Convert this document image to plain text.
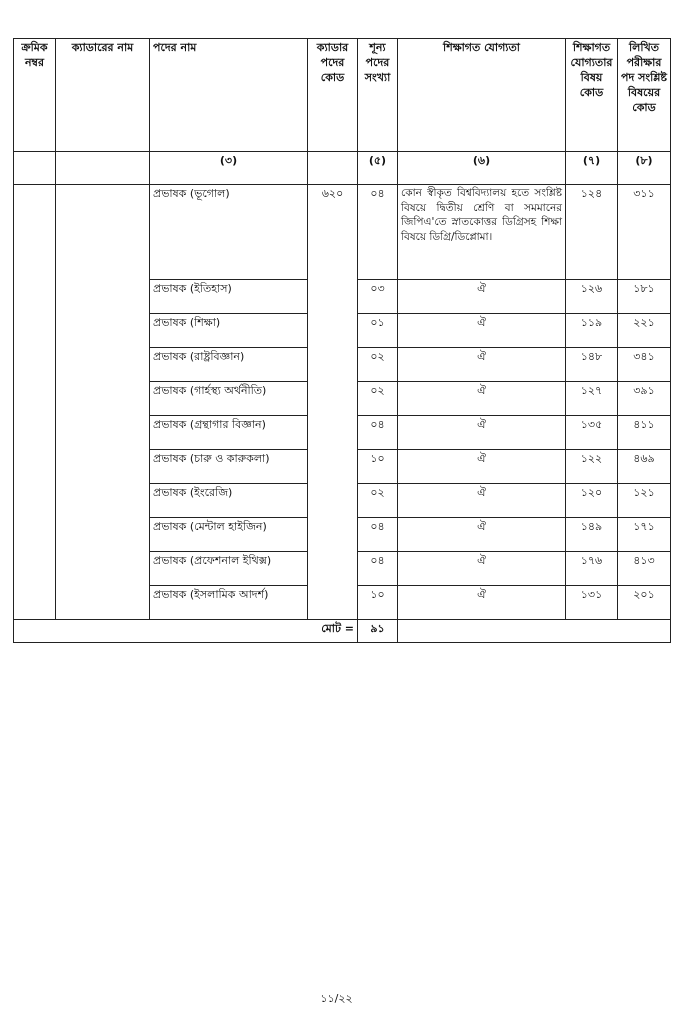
ক্রমিক নম্বর	ক্যাডারের নাম	পদের নাম	ক্যাডার পদের কোড	শূন্য পদের সংখ্যা	শিক্ষাগত যোগ্যতা	শিক্ষাগত যোগ্যতার বিষয় কোড	লিখিত পরীক্ষার পদ সংশ্লিষ্ট বিষয়ের কোড
		(৩)		(৫)	(৬)	(৭)	(৮)
		প্রভাষক (ভূগোল)	৬২০	০৪	কোন স্বীকৃত বিশ্ববিদ্যালয় হতে সংশ্লিষ্ট বিষয়ে দ্বিতীয় শ্রেণি বা সমমানের জিপিএ'তে স্নাতকোত্তর ডিগ্রিসহ শিক্ষা বিষয়ে ডিগ্রি/ডিপ্লোমা।	১২৪	৩১১
		প্রভাষক (ইতিহাস)		০৩	ঐ	১২৬	১৮১
		প্রভাষক (শিক্ষা)		০১	ঐ	১১৯	২২১
		প্রভাষক (রাষ্ট্রবিজ্ঞান)		০২	ঐ	১৪৮	৩৪১
		প্রভাষক (গার্হস্থ্য অর্থনীতি)		০২	ঐ	১২৭	৩৯১
		প্রভাষক (গ্রন্থাগার বিজ্ঞান)		০৪	ঐ	১৩৫	৪১১
		প্রভাষক (চারু ও কারুকলা)		১০	ঐ	১২২	৪৬৯
		প্রভাষক (ইংরেজি)		০২	ঐ	১২০	১২১
		প্রভাষক (মেন্টাল হাইজিন)		০৪	ঐ	১৪৯	১৭১
		প্রভাষক (প্রফেশনাল ইথিক্স)		০৪	ঐ	১৭৬	৪১৩
		প্রভাষক (ইসলামিক আদর্শ)		১০	ঐ	১৩১	২০১
মোট =				৯১			
১১/২২
